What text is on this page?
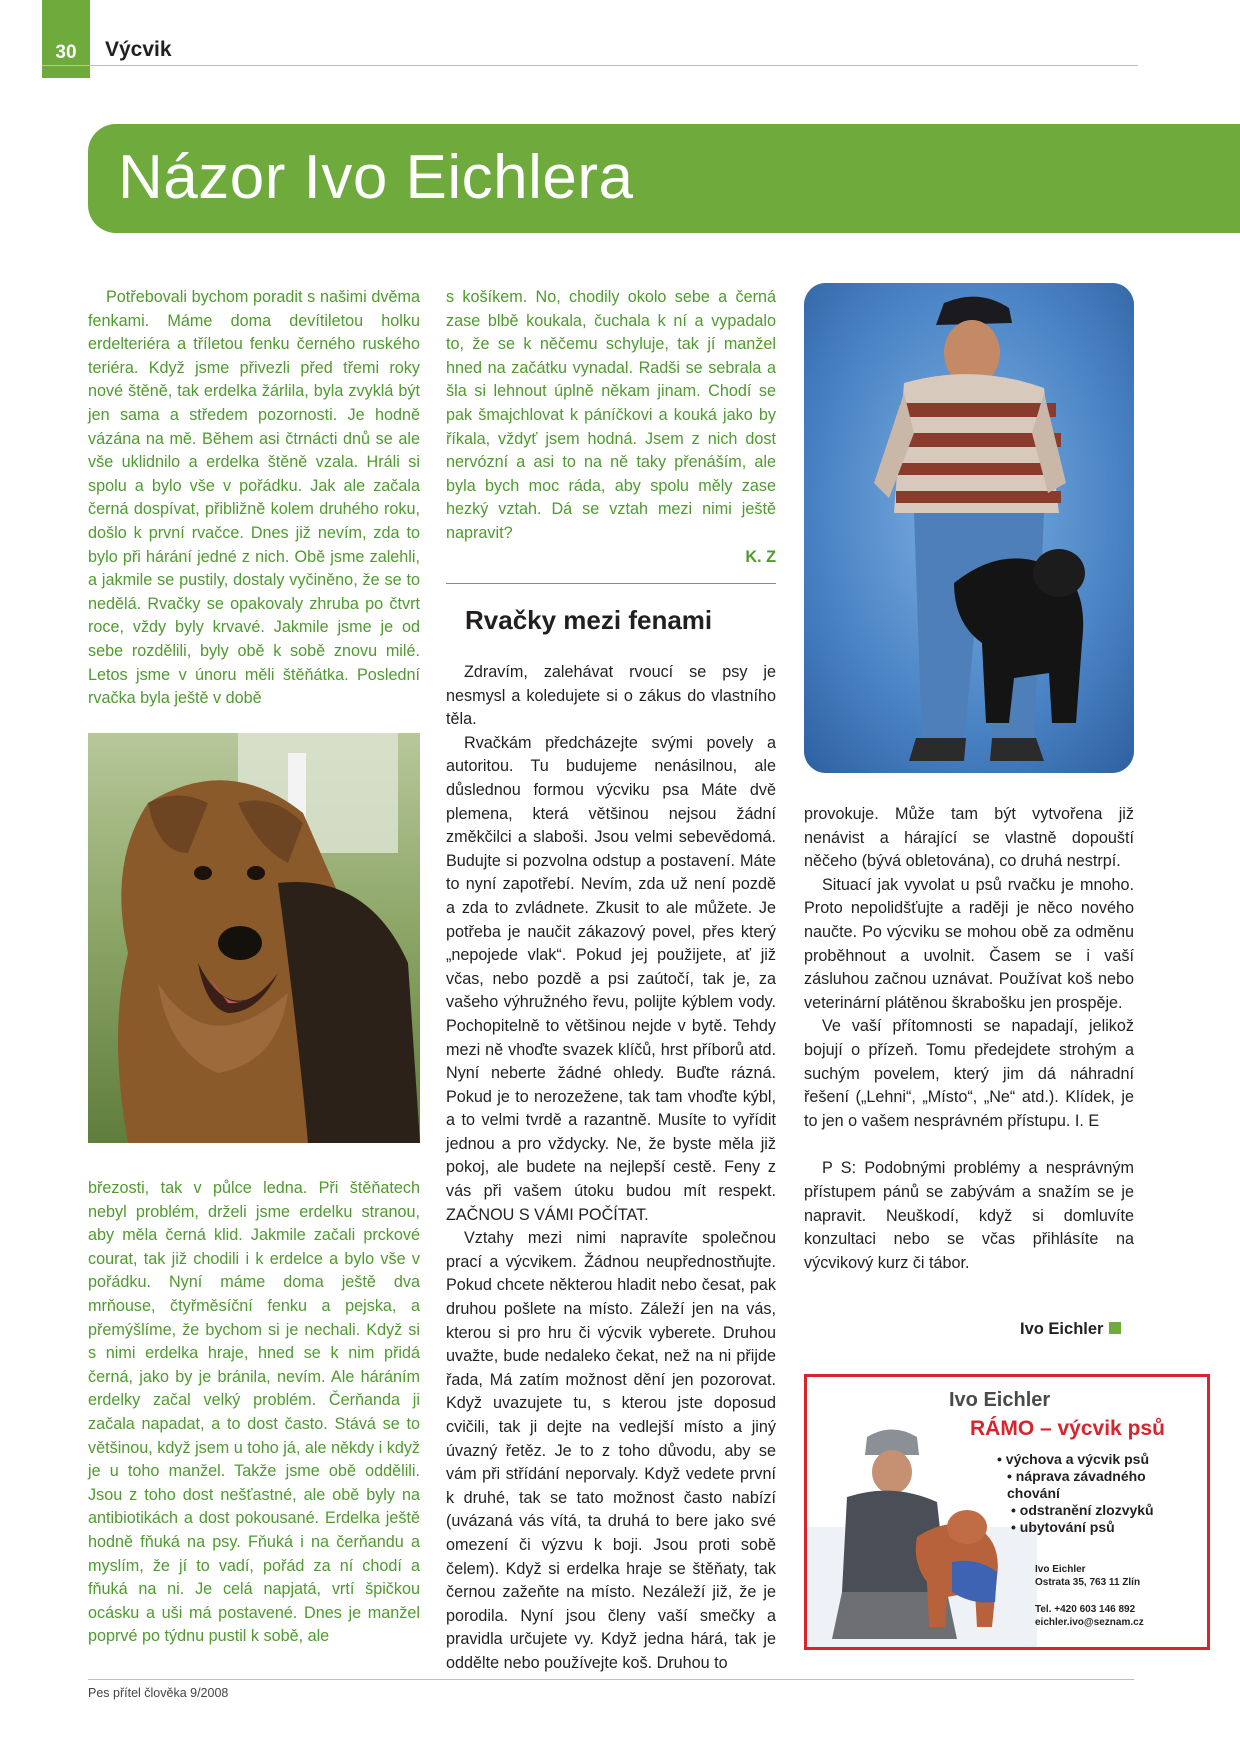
30	Výcvik
Názor Ivo Eichlera

Potřebovali bychom poradit s našimi dvěma fenkami. Máme doma devítiletou holku erdelteriéra a tříletou fenku černého ruského teriéra. Když jsme přivezli před třemi roky nové štěně, tak erdelka žárlila, byla zvyklá být jen sama a středem pozornosti. Je hodně vázána na mě. Během asi čtrnácti dnů se ale vše uklidnilo a erdelka štěně vzala. Hráli si spolu a bylo vše v pořádku. Jak ale začala černá dospívat, přibližně kolem druhého roku, došlo k první rvačce. Dnes již nevím, zda to bylo při hárání jedné z nich. Obě jsme zalehli, a jakmile se pustily, dostaly vyčiněno, že se to nedělá. Rvačky se opakovaly zhruba po čtvrt roce, vždy byly krvavé. Jakmile jsme je od sebe rozdělili, byly obě k sobě znovu milé. Letos jsme v únoru měli štěňátka. Poslední rvačka byla ještě v době

březosti, tak v půlce ledna. Při štěňatech nebyl problém, drželi jsme erdelku stranou, aby měla černá klid. Jakmile začali prckové courat, tak již chodili i k erdelce a bylo vše v pořádku. Nyní máme doma ještě dva mrňouse, čtyřměsíční fenku a pejska, a přemýšlíme, že bychom si je nechali. Když si s nimi erdelka hraje, hned se k nim přidá černá, jako by je bránila, nevím. Ale háráním erdelky začal velký problém. Čerňanda ji začala napadat, a to dost často. Stává se to většinou, když jsem u toho já, ale někdy i když je u toho manžel. Takže jsme obě oddělili. Jsou z toho dost nešťastné, ale obě byly na antibiotikách a dost pokousané. Erdelka ještě hodně fňuká na psy. Fňuká i na čerňandu a myslím, že jí to vadí, pořád za ní chodí a fňuká na ni. Je celá napjatá, vrtí špičkou ocásku a uši má postavené. Dnes je manžel poprvé po týdnu pustil k sobě, ale

s košíkem. No, chodily okolo sebe a černá zase blbě koukala, čuchala k ní a vypadalo to, že se k něčemu schyluje, tak jí manžel hned na začátku vynadal. Radši se sebrala a šla si lehnout úplně někam jinam. Chodí se pak šmajchlovat k páníčkovi a kouká jako by říkala, vždyť jsem hodná. Jsem z nich dost nervózní a asi to na ně taky přenáším, ale byla bych moc ráda, aby spolu měly zase hezký vztah. Dá se vztah mezi nimi ještě napravit?

K. Z

Rvačky mezi fenami

Zdravím, zalehávat rvoucí se psy je nesmysl a koledujete si o zákus do vlastního těla.

Rvačkám předcházejte svými povely a autoritou. Tu budujeme nenásilnou, ale důslednou formou výcviku psa Máte dvě plemena, která většinou nejsou žádní změkčilci a slaboši. Jsou velmi sebevědomá. Budujte si pozvolna odstup a postavení. Máte to nyní zapotřebí. Nevím, zda už není pozdě a zda to zvládnete. Zkusit to ale můžete. Je potřeba je naučit zákazový povel, přes který „nepojede vlak“. Pokud jej použijete, ať již včas, nebo pozdě a psi zaútočí, tak je, za vašeho výhružného řevu, polijte kýblem vody. Pochopitelně to většinou nejde v bytě. Tehdy mezi ně vhoďte svazek klíčů, hrst příborů atd. Nyní neberte žádné ohledy. Buďte rázná. Pokud je to nerozežene, tak tam vhoďte kýbl, a to velmi tvrdě a razantně. Musíte to vyřídit jednou a pro vždycky. Ne, že byste měla již pokoj, ale budete na nejlepší cestě. Feny z vás při vašem útoku budou mít respekt. ZAČNOU S VÁMI POČÍTAT.

Vztahy mezi nimi napravíte společnou prací a výcvikem. Žádnou neupřednostňujte. Pokud chcete některou hladit nebo česat, pak druhou pošlete na místo. Záleží jen na vás, kterou si pro hru či výcvik vyberete. Druhou uvažte, bude nedaleko čekat, než na ni přijde řada, Má zatím možnost dění jen pozorovat. Když uvazujete tu, s kterou jste doposud cvičili, tak ji dejte na vedlejší místo a jiný úvazný řetěz. Je to z toho důvodu, aby se vám při střídání neporvaly. Když vedete první k druhé, tak se tato možnost často nabízí (uvázaná vás vítá, ta druhá to bere jako své omezení či výzvu k boji. Jsou proti sobě čelem). Když si erdelka hraje se štěňaty, tak černou zažeňte na místo. Nezáleží již, že je porodila. Nyní jsou členy vaší smečky a pravidla určujete vy. Když jedna hárá, tak je oddělte nebo používejte koš. Druhou to

provokuje. Může tam být vytvořena již nenávist a hárající se vlastně dopouští něčeho (bývá obletována), co druhá nestrpí.

Situací jak vyvolat u psů rvačku je mnoho. Proto nepolidšťujte a raději je něco nového naučte. Po výcviku se mohou obě za odměnu proběhnout a uvolnit. Časem se i vaší zásluhou začnou uznávat. Používat koš nebo veterinární plátěnou škrabošku jen prospěje.

Ve vaší přítomnosti se napadají, jelikož bojují o přízeň. Tomu předejdete strohým a suchým povelem, který jim dá náhradní řešení („Lehni“, „Místo“, „Ne“ atd.). Klídek, je to jen o vašem nesprávném přístupu. I. E

P S: Podobnými problémy a nesprávným přístupem pánů se zabývám a snažím se je napravit. Neuškodí, když si domluvíte konzultaci nebo se včas přihlásíte na výcvikový kurz či tábor.

Ivo Eichler
Ivo Eichler
RÁMO – výcvik psů
• výchova a výcvik psů
• náprava závadného chování
• odstranění zlozvyků
• ubytování psů
Ivo Eichler
Ostrata 35, 763 11 Zlín
Tel. +420 603 146 892
eichler.ivo@seznam.cz
Pes přítel člověka 9/2008
